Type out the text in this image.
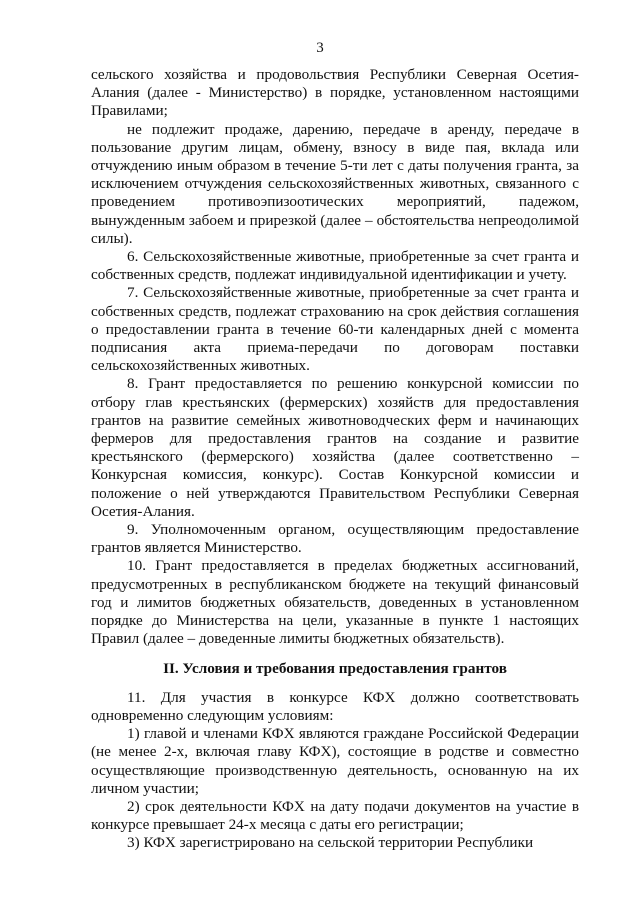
3

сельского хозяйства и продовольствия Республики Северная Осетия-Алания (далее - Министерство) в порядке, установленном настоящими Правилами;

не подлежит продаже, дарению, передаче в аренду, передаче в пользование другим лицам, обмену, взносу в виде пая, вклада или отчуждению иным образом в течение 5-ти лет с даты получения гранта, за исключением отчуждения сельскохозяйственных животных, связанного с проведением противоэпизоотических мероприятий, падежом, вынужденным забоем и прирезкой (далее – обстоятельства непреодолимой силы).

6. Сельскохозяйственные животные, приобретенные за счет гранта и собственных средств, подлежат индивидуальной идентификации и учету.

7. Сельскохозяйственные животные, приобретенные за счет гранта и собственных средств, подлежат страхованию на срок действия соглашения о предоставлении гранта в течение 60-ти календарных дней с момента подписания акта приема-передачи по договорам поставки сельскохозяйственных животных.

8. Грант предоставляется по решению конкурсной комиссии по отбору глав крестьянских (фермерских) хозяйств для предоставления грантов на развитие семейных животноводческих ферм и начинающих фермеров для предоставления грантов на создание и развитие крестьянского (фермерского) хозяйства (далее соответственно – Конкурсная комиссия, конкурс). Состав Конкурсной комиссии и положение о ней утверждаются Правительством Республики Северная Осетия-Алания.

9. Уполномоченным органом, осуществляющим предоставление грантов является Министерство.

10. Грант предоставляется в пределах бюджетных ассигнований, предусмотренных в республиканском бюджете на текущий финансовый год и лимитов бюджетных обязательств, доведенных в установленном порядке до Министерства на цели, указанные в пункте 1 настоящих Правил (далее – доведенные лимиты бюджетных обязательств).

II. Условия и требования предоставления грантов

11. Для участия в конкурсе КФХ должно соответствовать одновременно следующим условиям:

1) главой и членами КФХ являются граждане Российской Федерации (не менее 2-х, включая главу КФХ), состоящие в родстве и совместно осуществляющие производственную деятельность, основанную на их личном участии;

2) срок деятельности КФХ на дату подачи документов на участие в конкурсе превышает 24-х месяца с даты его регистрации;

3) КФХ зарегистрировано на сельской территории Республики
